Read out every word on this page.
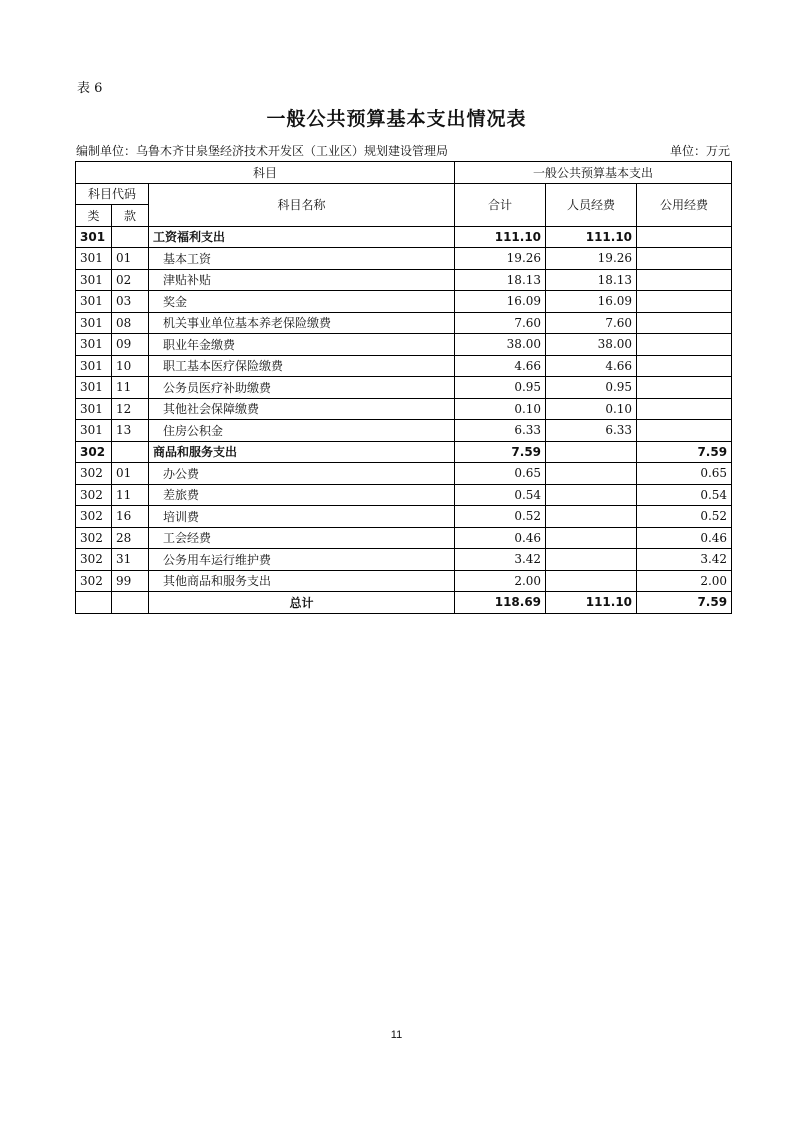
表 6
一般公共预算基本支出情况表
编制单位：乌鲁木齐甘泉堡经济技术开发区（工业区）规划建设管理局	单位：万元
科目			一般公共预算基本支出		
科目代码		科目名称	合计	人员经费	公用经费
类	款				
301		工资福利支出	111.10	111.10	
301	01	基本工资	19.26	19.26	
301	02	津贴补贴	18.13	18.13	
301	03	奖金	16.09	16.09	
301	08	机关事业单位基本养老保险缴费	7.60	7.60	
301	09	职业年金缴费	38.00	38.00	
301	10	职工基本医疗保险缴费	4.66	4.66	
301	11	公务员医疗补助缴费	0.95	0.95	
301	12	其他社会保障缴费	0.10	0.10	
301	13	住房公积金	6.33	6.33	
302		商品和服务支出	7.59		7.59
302	01	办公费	0.65		0.65
302	11	差旅费	0.54		0.54
302	16	培训费	0.52		0.52
302	28	工会经费	0.46		0.46
302	31	公务用车运行维护费	3.42		3.42
302	99	其他商品和服务支出	2.00		2.00
		总计	118.69	111.10	7.59
11
